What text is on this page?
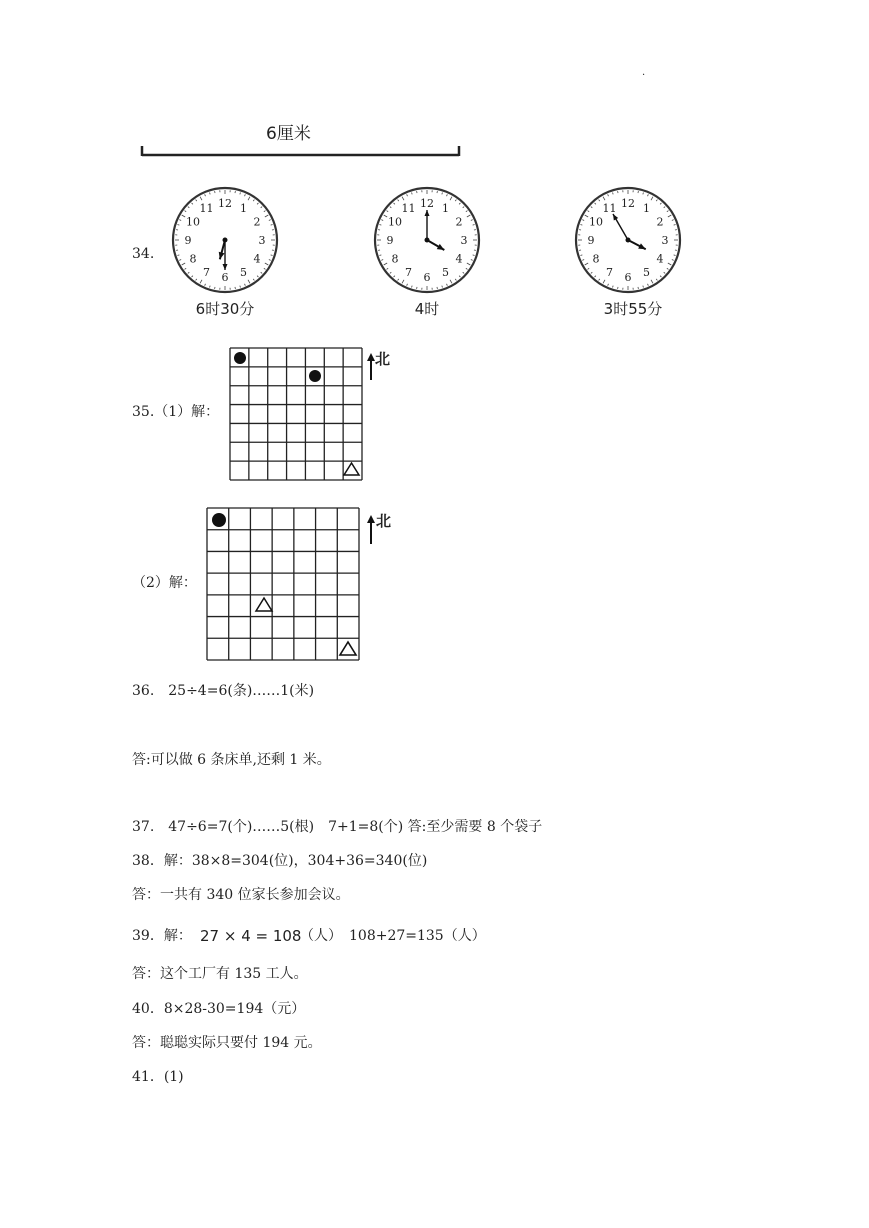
.
6厘米
34.
12 1
2
3
4
5
6
7
8
9
10
11	12 1
2
3
4
5
6
7
8
9
10
11	12 1
2
3
4
5
6
7
8
9
10
11
6时30分	4时	3时55分
35.（1）解：
北
（2）解：
北
36.　25÷4=6(条)……1(米)
答:可以做 6 条床单,还剩 1 米。
37.　47÷6=7(个)……5(根)　7+1=8(个) 答:至少需要 8 个袋子
38．解：38×8=304(位)，304+36=340(位)
答：一共有 340 位家长参加会议。
39．解： 27 × 4 = 108
（人）　108+27=135（人）
答：这个工厂有 135 工人。
40．8×28-30=194（元）
答：聪聪实际只要付 194 元。
41．(1)
